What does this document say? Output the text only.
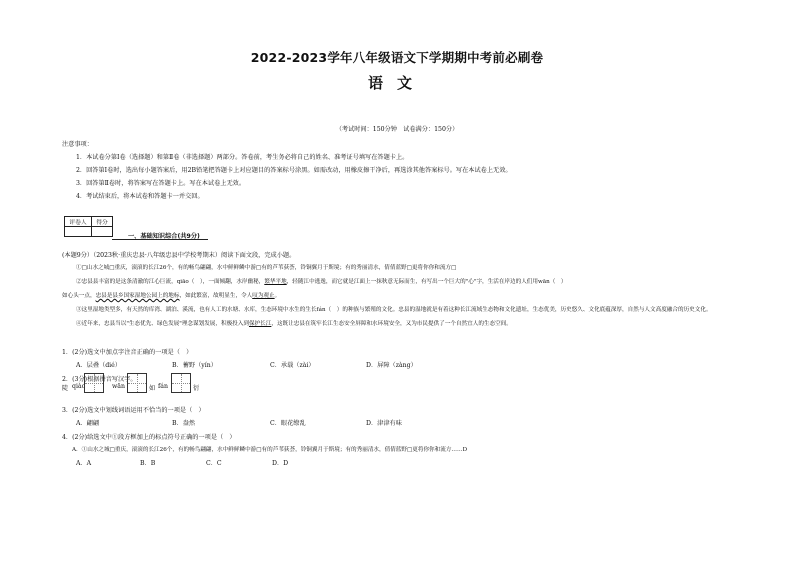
2022-2023学年八年级语文下学期期中考前必刷卷
语文
（考试时间：150分钟　试卷满分：150分）
注意事项：
1．本试卷分第Ⅰ卷（选择题）和第Ⅱ卷（非选择题）两部分。答卷前，考生务必将自己的姓名、准考证号填写在答题卡上。
2．回答第Ⅰ卷时，选出每小题答案后，用2B铅笔把答题卡上对应题目的答案标号涂黑。如需改动，用橡皮擦干净后，再选涂其他答案标号。写在本试卷上无效。
3．回答第Ⅱ卷时，将答案写在答题卡上。写在本试卷上无效。
4．考试结束后，将本试卷和答题卡一并交回。
评卷人	得分

一、基础知识综合(共9分)
(本题9分）（2023秋·重庆忠县·八年级忠县中学校考期末）阅读下面文段，完成小题。
①□山水之城□重庆，滚滚的长江26个，有的畅鸟翩翩，水中鲜鲜鳞中游□有的芦苇荻荟，铃铜翼月于斯境；有的秀丽清水，倩倩蓝野□更将你你和流方□
②忠县县丰富的是这条清澈的江心巨流，qiāo（　），一面倾翻，水岸幽秘，繁华平地，轻随江中逃逸，而它就是江面上一抹秋意无际而生，有写出一个巨大的"心"字，生活在岸边的人们用wān（　）
如心头一点，忠县是县乡国家湿地公园上的地标，如此繁富，故明显生，令人叹为观止。
③这里湿地类型多，有天然的库湾、湖泊、溪流，也有人工的水塘、水库，生态环境中水生的生长fán（　）的种族与繁殖的文化。忠县的湿地就是有着这种长江流域生态物和文化遗址，生态优美，历史悠久、文化底蕴深厚，自然与人文高度融合的历史文化。
④近年来，忠县当以"生态优先、绿色发展"理念谋划发展，积极投入到保护长江，这既让忠县在筑牢长江生态安全屏障和水环境安全，又为市民提供了一个自然宜人的生态空间。
1．(2分)选文中加点字注音正确的一项是（　）
A．层叠（dié）	B．蓄野（yín）	C．承载（zài）	D．屏障（zàng）
2．(3分)根据拼音写汉字。
陡 qiào	wān	如 fán	衍
3．(2分)选文中划线词语运用不恰当的一项是（　）
A．翩翩	B．盎然	C．眼花缭乱	D．津津有味
4．(2分)给选文中①段方框加上的标点符号正确的一项是（　）
A．①山水之城□重庆，滚滚的长江26个，有的畅鸟翩翩，水中鲜鲜鳞中游□有的芦苇荻荟，铃铜翼月于斯境；有的秀丽清水，倩倩蓝野□更将你你和流方……D
A．A	B．B	C．C	D．D
